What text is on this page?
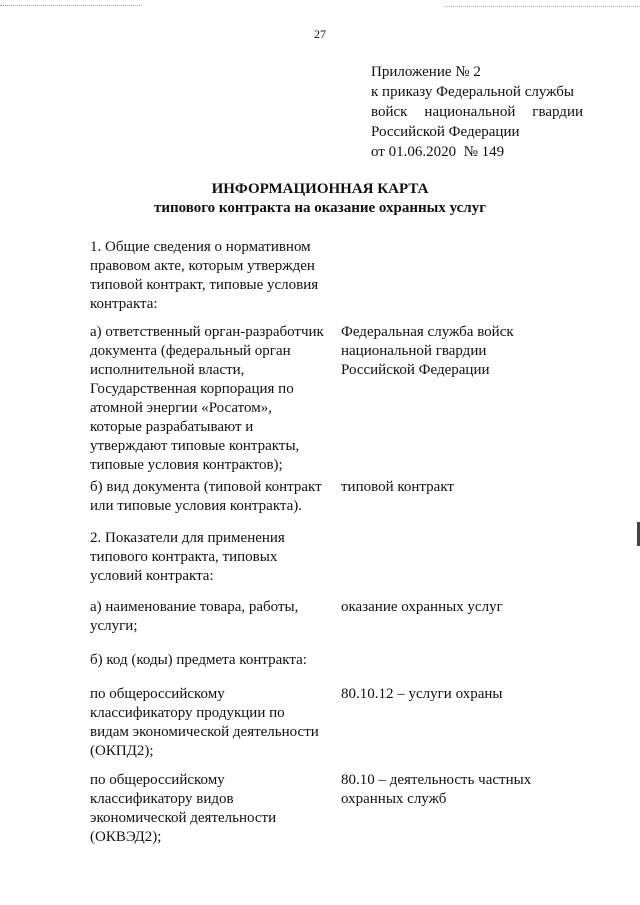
27
Приложение № 2
к приказу Федеральной службы
войск национальной гвардии
Российской Федерации
от 01.06.2020  № 149
ИНФОРМАЦИОННАЯ КАРТА
типового контракта на оказание охранных услуг
1. Общие сведения о нормативном
правовом акте, которым утвержден
типовой контракт, типовые условия
контракта:
а) ответственный орган-разработчик
документа (федеральный орган
исполнительной власти,
Государственная корпорация по
атомной энергии «Росатом»,
которые разрабатывают и
утверждают типовые контракты,
типовые условия контрактов);
Федеральная служба войск
национальной гвардии
Российской Федерации
б) вид документа (типовой контракт
или типовые условия контракта).
типовой контракт
2. Показатели для применения
типового контракта, типовых
условий контракта:
а) наименование товара, работы,
услуги;
оказание охранных услуг
б) код (коды) предмета контракта:
по общероссийскому
классификатору продукции по
видам экономической деятельности
(ОКПД2);
80.10.12 – услуги охраны
по общероссийскому
классификатору видов
экономической деятельности
(ОКВЭД2);
80.10 – деятельность частных
охранных служб
